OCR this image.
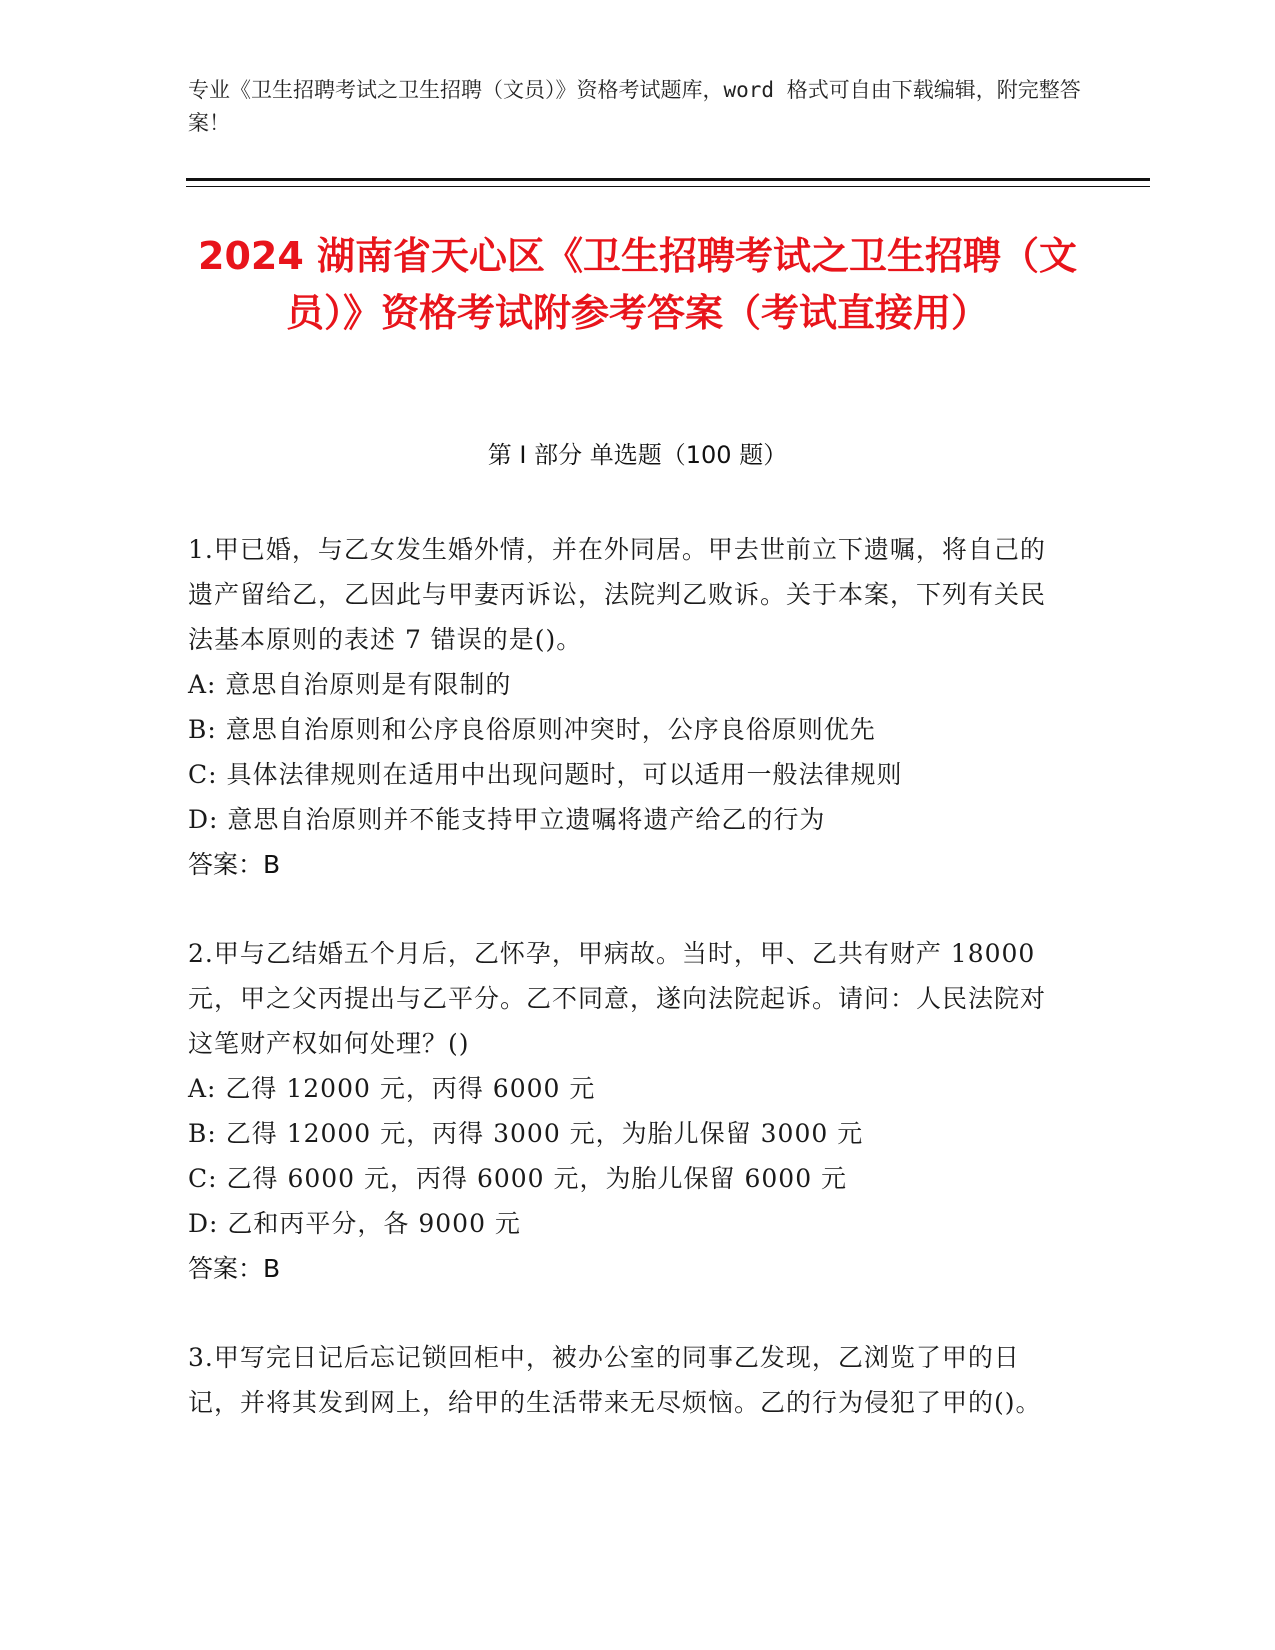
专业《卫生招聘考试之卫生招聘（文员）》资格考试题库，word 格式可自由下载编辑，附完整答案！
2024 湖南省天心区《卫生招聘考试之卫生招聘（文员）》资格考试附参考答案（考试直接用）
第 I 部分 单选题（100 题）
1.甲已婚，与乙女发生婚外情，并在外同居。甲去世前立下遗嘱，将自己的遗产留给乙，乙因此与甲妻丙诉讼，法院判乙败诉。关于本案，下列有关民法基本原则的表述 7 错误的是()。
A: 意思自治原则是有限制的
B: 意思自治原则和公序良俗原则冲突时，公序良俗原则优先
C: 具体法律规则在适用中出现问题时，可以适用一般法律规则
D: 意思自治原则并不能支持甲立遗嘱将遗产给乙的行为
答案：B
2.甲与乙结婚五个月后，乙怀孕，甲病故。当时，甲、乙共有财产 18000 元，甲之父丙提出与乙平分。乙不同意，遂向法院起诉。请问：人民法院对这笔财产权如何处理？()
A: 乙得 12000 元，丙得 6000 元
B: 乙得 12000 元，丙得 3000 元，为胎儿保留 3000 元
C: 乙得 6000 元，丙得 6000 元，为胎儿保留 6000 元
D: 乙和丙平分，各 9000 元
答案：B
3.甲写完日记后忘记锁回柜中，被办公室的同事乙发现，乙浏览了甲的日记，并将其发到网上，给甲的生活带来无尽烦恼。乙的行为侵犯了甲的()。
